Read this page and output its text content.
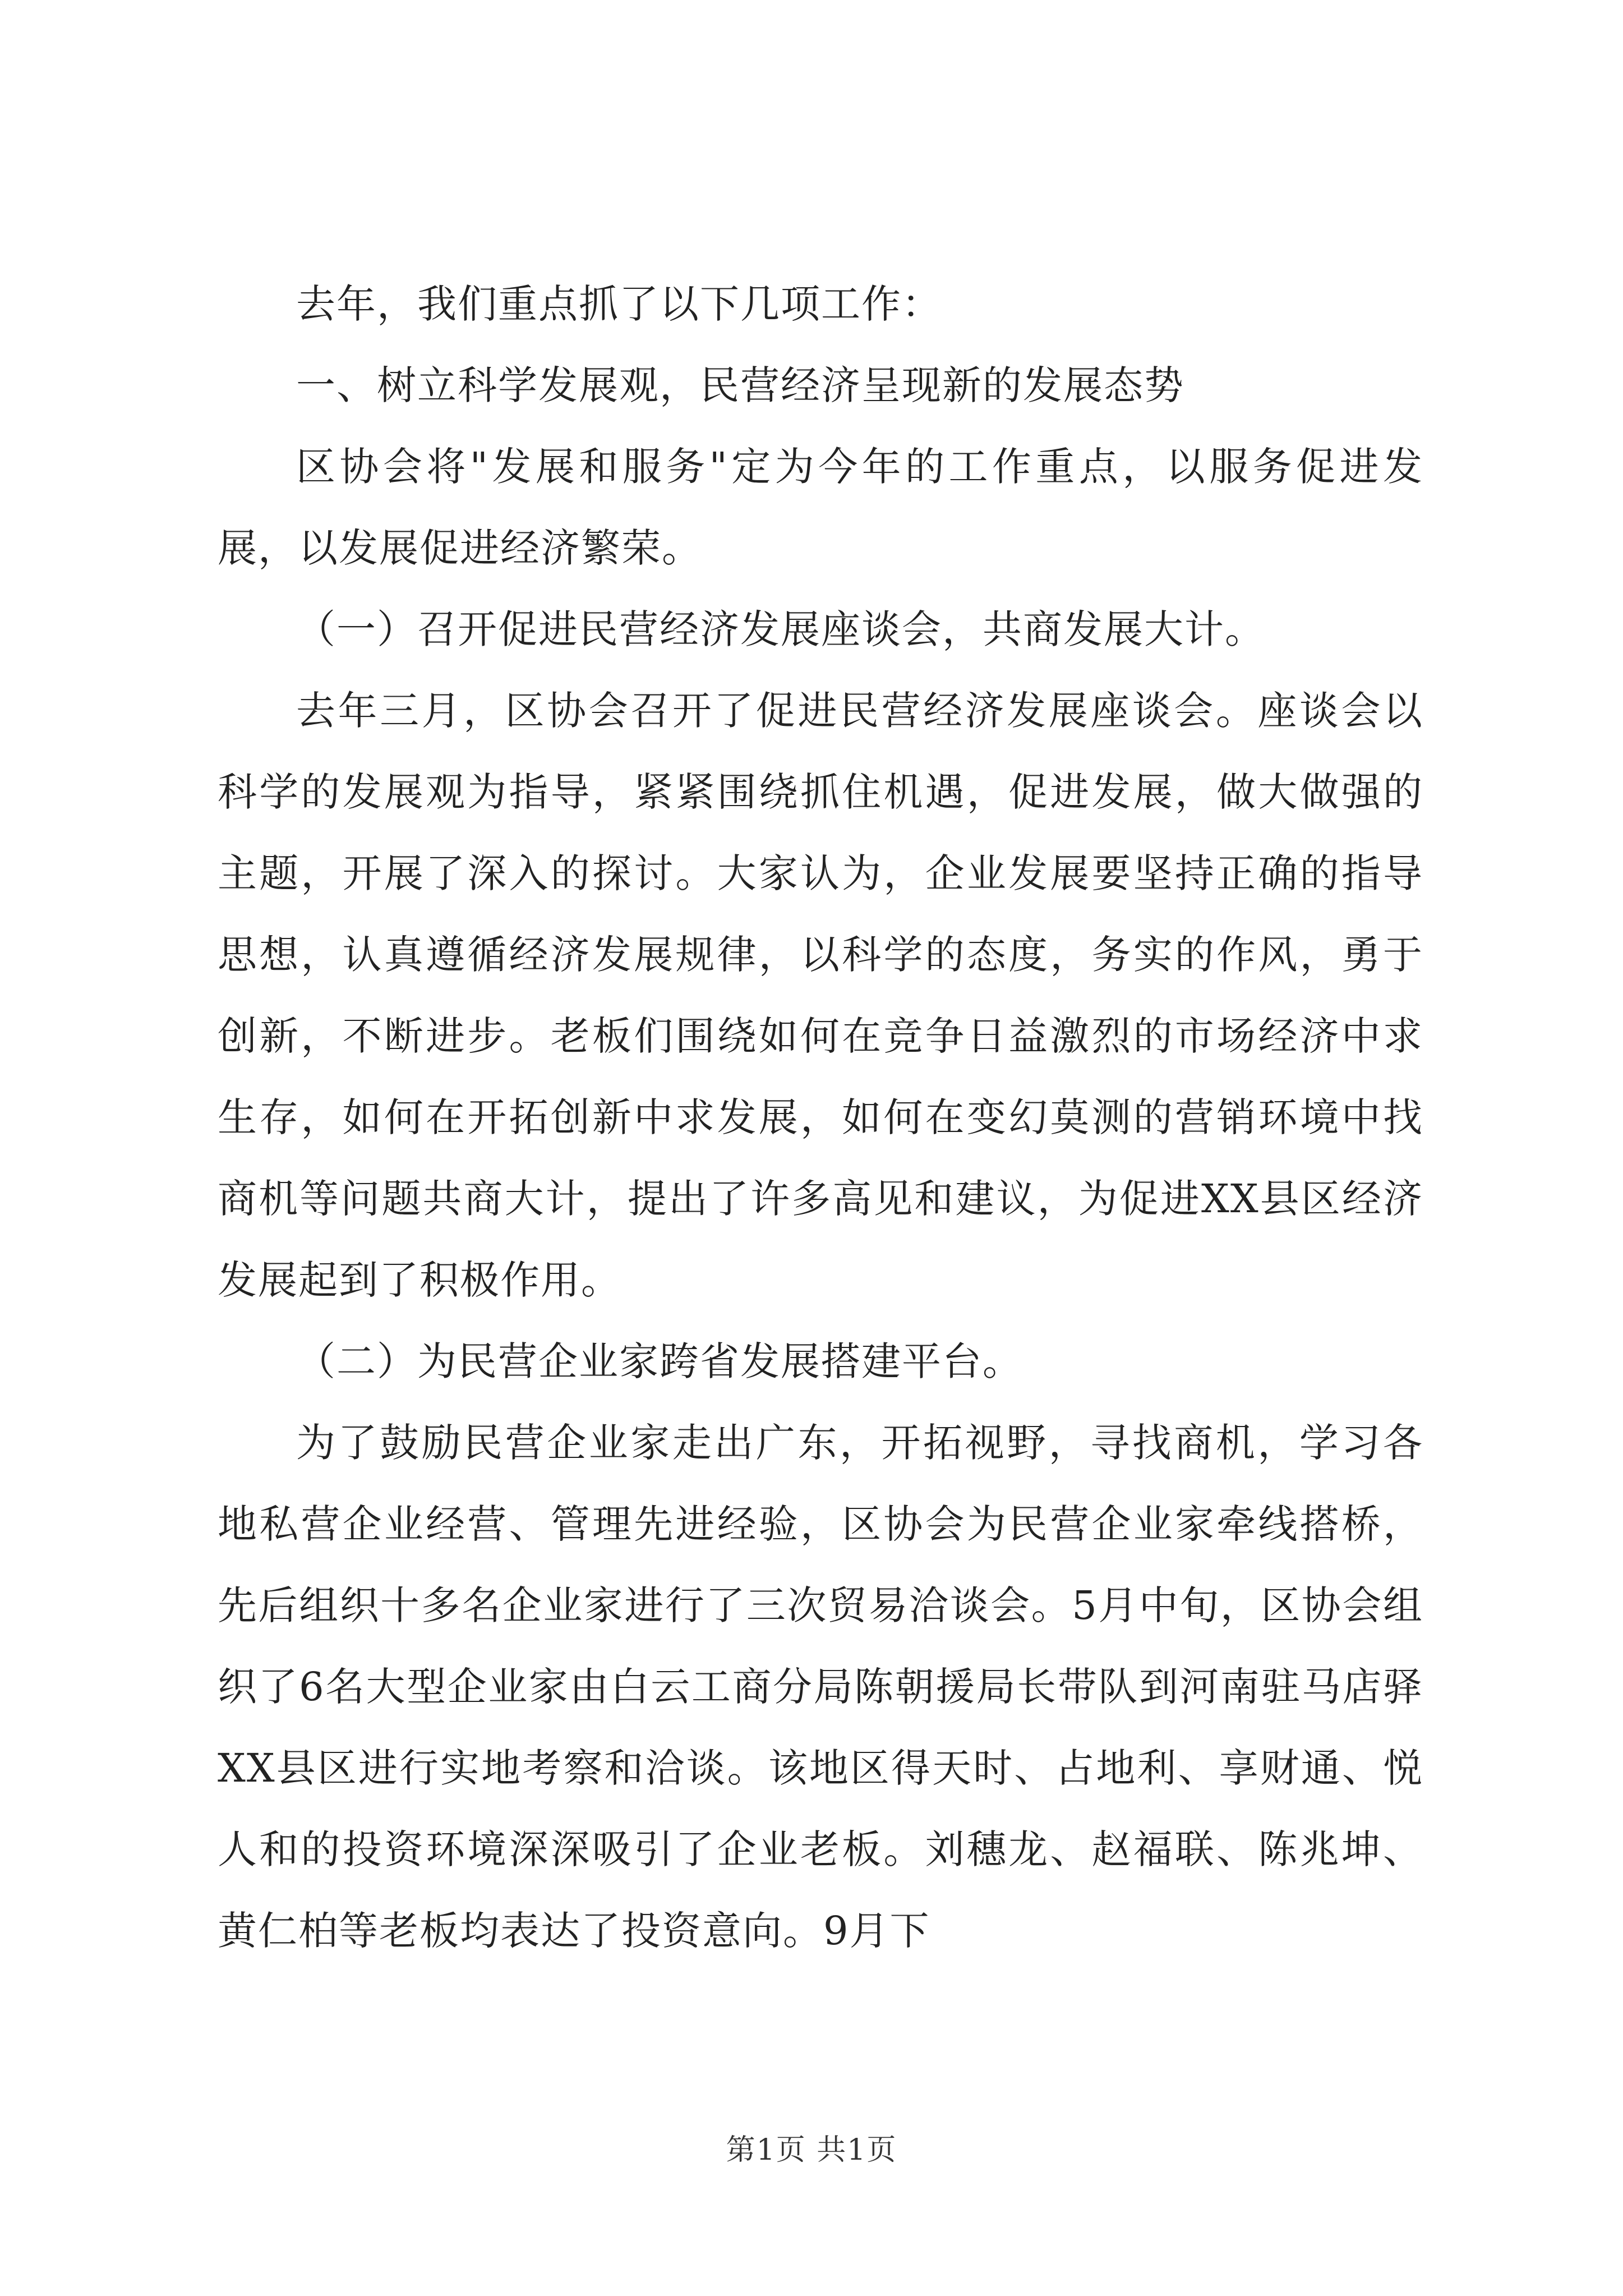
去年，我们重点抓了以下几项工作：

一、树立科学发展观，民营经济呈现新的发展态势

区协会将"发展和服务"定为今年的工作重点，以服务促进发展，以发展促进经济繁荣。

（一）召开促进民营经济发展座谈会，共商发展大计。

去年三月，区协会召开了促进民营经济发展座谈会。座谈会以科学的发展观为指导，紧紧围绕抓住机遇，促进发展，做大做强的主题，开展了深入的探讨。大家认为，企业发展要坚持正确的指导思想，认真遵循经济发展规律，以科学的态度，务实的作风，勇于创新，不断进步。老板们围绕如何在竞争日益激烈的市场经济中求生存，如何在开拓创新中求发展，如何在变幻莫测的营销环境中找商机等问题共商大计，提出了许多高见和建议，为促进XX县区经济发展起到了积极作用。

（二）为民营企业家跨省发展搭建平台。

为了鼓励民营企业家走出广东，开拓视野，寻找商机，学习各地私营企业经营、管理先进经验，区协会为民营企业家牵线搭桥，先后组织十多名企业家进行了三次贸易洽谈会。5月中旬，区协会组织了6名大型企业家由白云工商分局陈朝援局长带队到河南驻马店驿XX县区进行实地考察和洽谈。该地区得天时、占地利、享财通、悦人和的投资环境深深吸引了企业老板。刘穗龙、赵福联、陈兆坤、黄仁柏等老板均表达了投资意向。9月下

第1页 共1页
